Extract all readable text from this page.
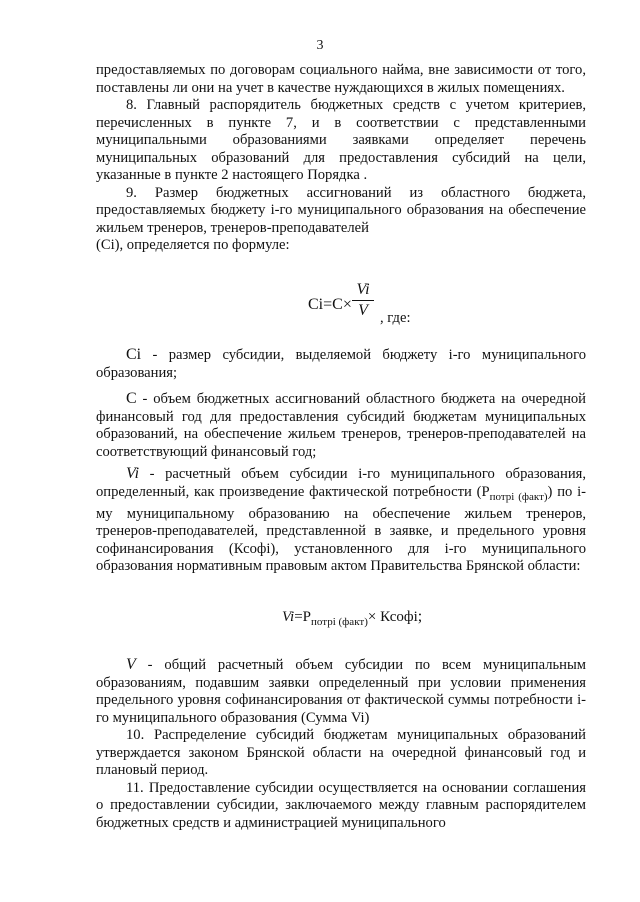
3

предоставляемых по договорам социального найма, вне зависимости от того, поставлены ли они на учет в качестве нуждающихся в жилых помещениях.

8. Главный распорядитель бюджетных средств с учетом критериев, перечисленных в пункте 7, и в соответствии с представленными муниципальными образованиями заявками определяет перечень муниципальных образований для предоставления субсидий на цели, указанные в пункте 2 настоящего Порядка .

9. Размер бюджетных ассигнований из областного бюджета, предоставляемых бюджету i-го муниципального образования на обеспечение жильем тренеров, тренеров-преподавателей

(Ci), определяется по формуле:

$Ci=C\times \frac{Vi}{V}$ , где:

Ci - размер субсидии, выделяемой бюджету i-го муниципального образования;

C - объем бюджетных ассигнований областного бюджета на очередной финансовый год для предоставления субсидий бюджетам муниципальных образований, на обеспечение жильем тренеров, тренеров-преподавателей на соответствующий финансовый год;

Vi - расчетный объем субсидии i-го муниципального образования, определенный, как произведение фактической потребности $(P_{потрi (факт)})$ по i-му муниципальному образованию на обеспечение жильем тренеров, тренеров-преподавателей, представленной в заявке, и предельного уровня софинансирования (Ксофi), установленного для i-го муниципального образования нормативным правовым актом Правительства Брянской области:

$Vi=P_{потрi (факт)}\times$ Ксофi;

V - общий расчетный объем субсидии по всем муниципальным образованиям, подавшим заявки определенный при условии применения предельного уровня софинансирования от фактической суммы потребности i-го муниципального образования (Сумма Vi)

10. Распределение субсидий бюджетам муниципальных образований утверждается законом Брянской области на очередной финансовый год и плановый период.

11. Предоставление субсидии осуществляется на основании соглашения о предоставлении субсидии, заключаемого между главным распорядителем бюджетных средств и администрацией муниципального
